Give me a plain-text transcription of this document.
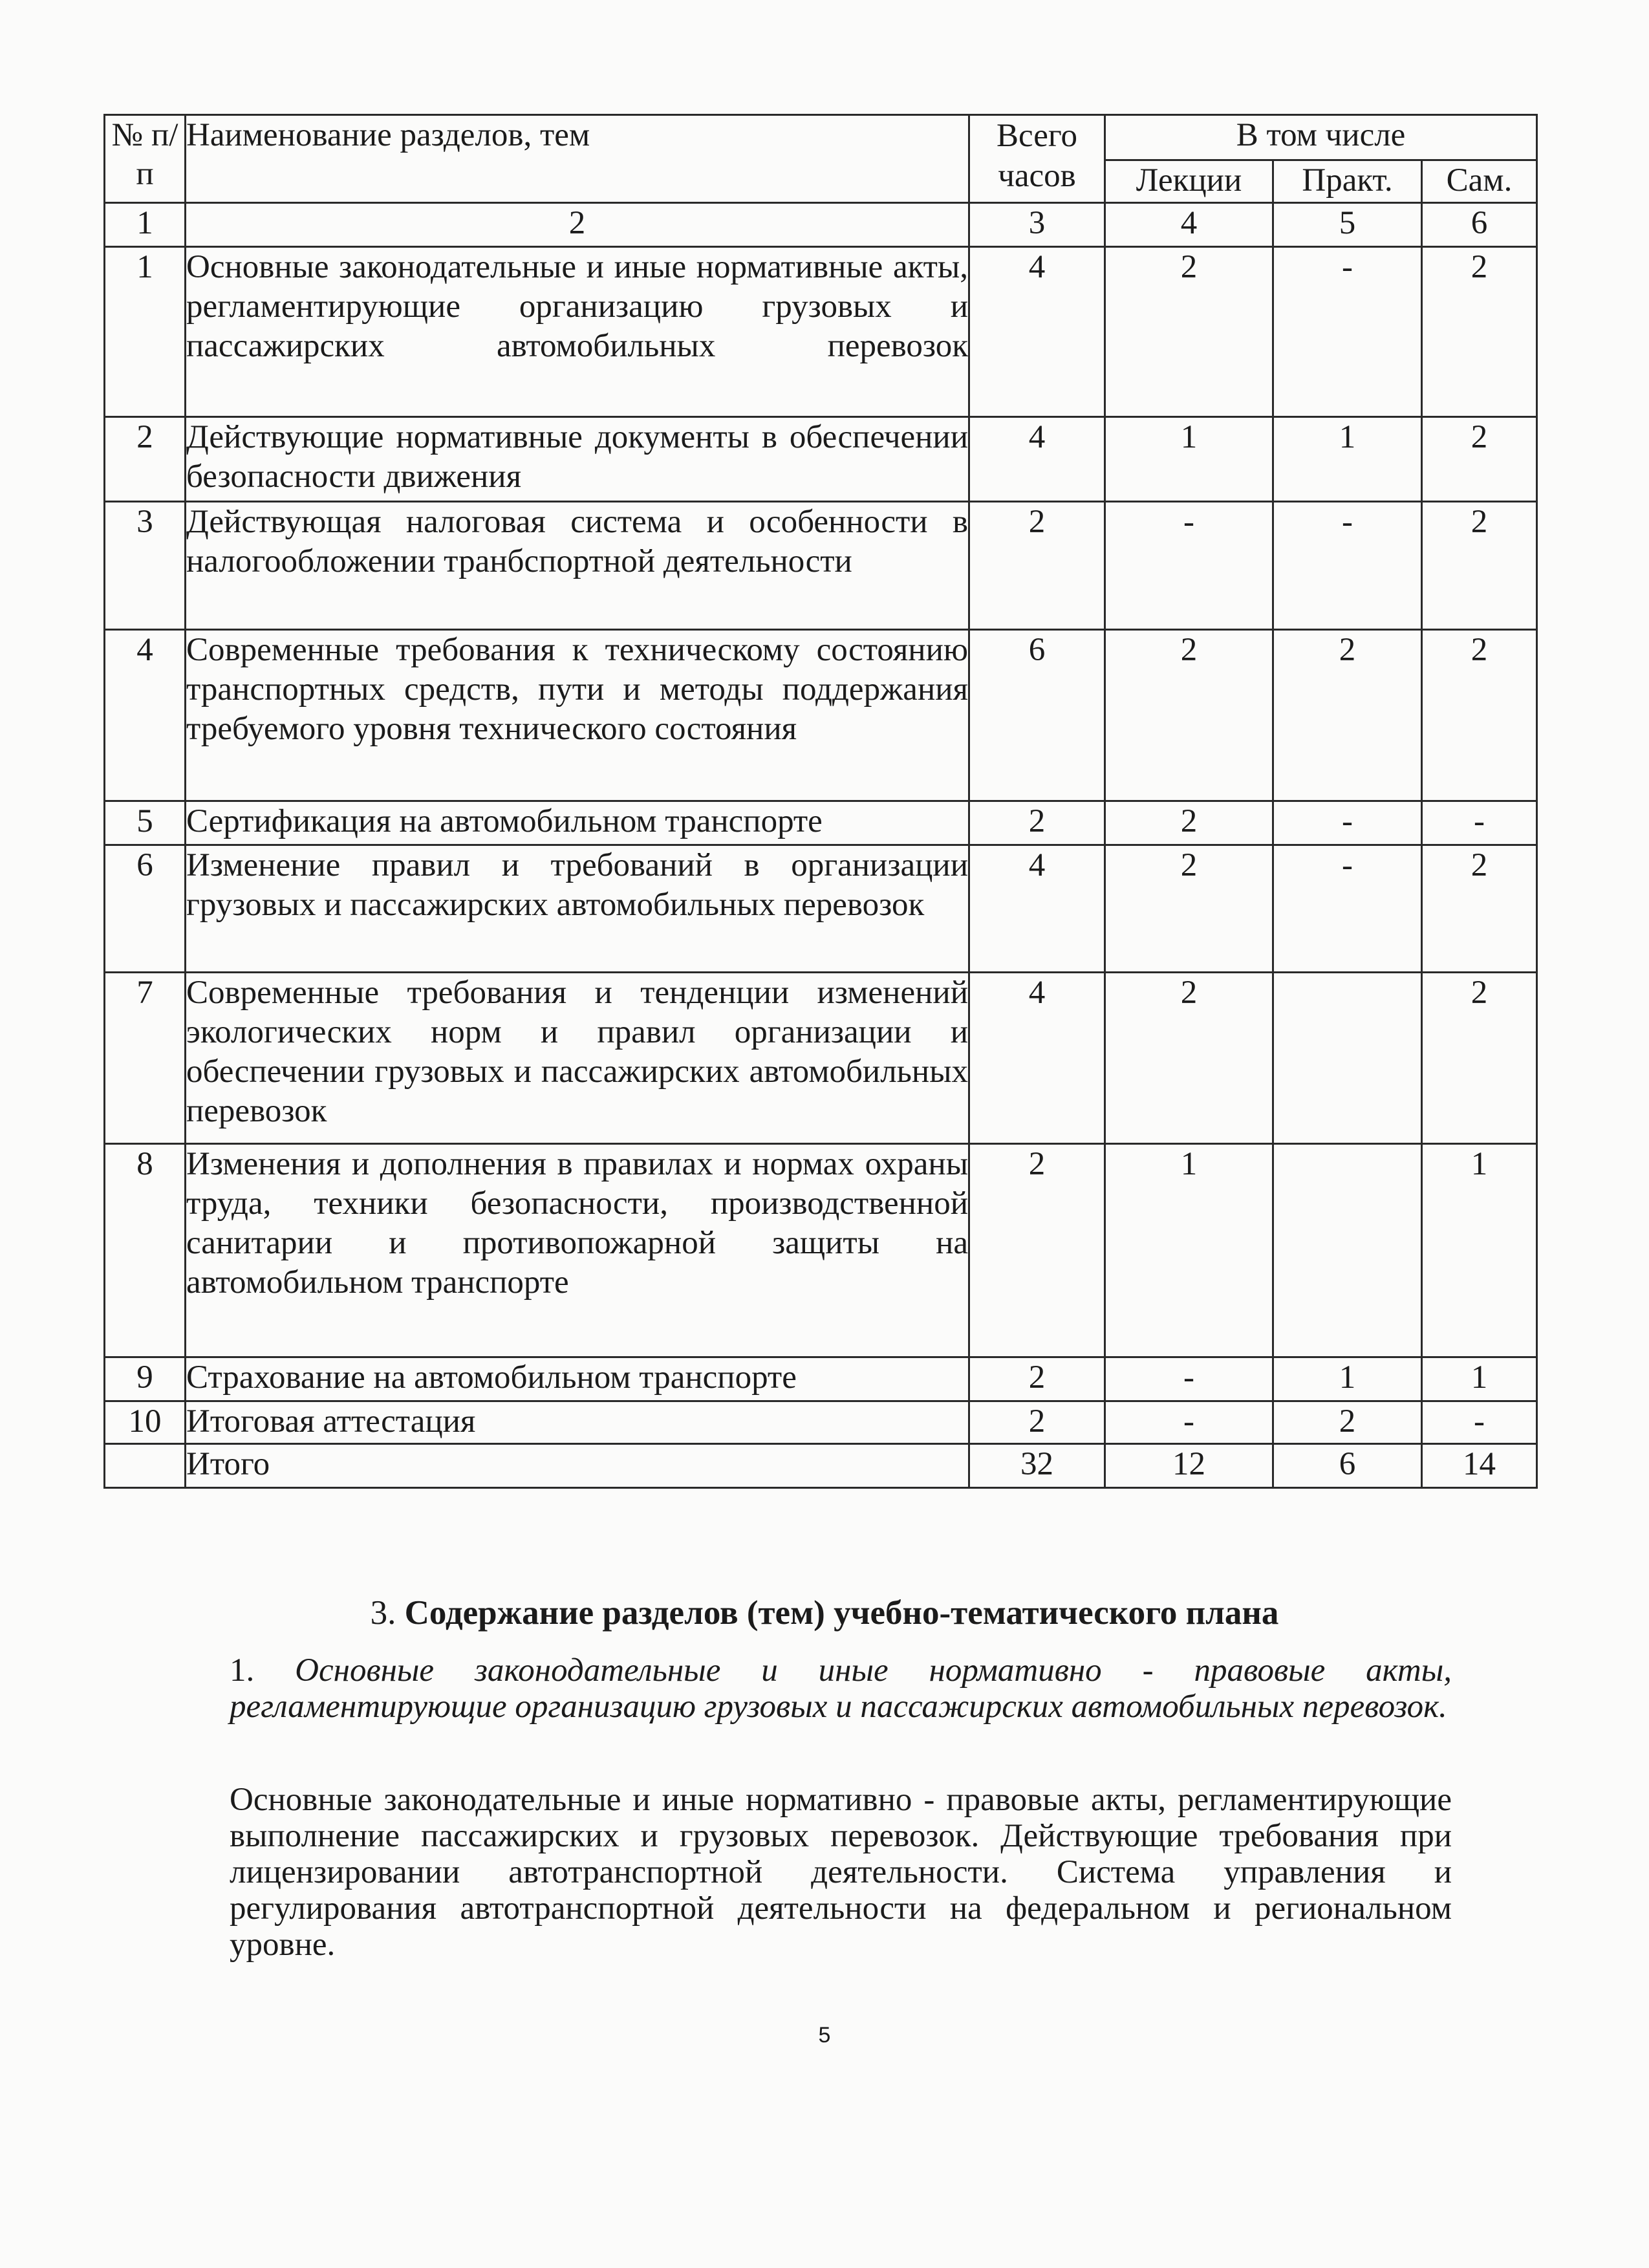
№ п/п	Наименование разделов, тем	Всего часов	В том числе		
			Лекции	Практ.	Сам.
1	2	3	4	5	6
1	Основные законодательные и иные нормативные акты, регламентирующие организацию грузовых и пассажирских автомобильных перевозок	4	2	-	2
2	Действующие нормативные документы в обеспечении безопасности движения	4	1	1	2
3	Действующая налоговая система и особенности в налогообложении транбспортной деятельности	2	-	-	2
4	Современные требования к техническому состоянию транспортных средств, пути и методы поддержания требуемого уровня технического состояния	6	2	2	2
5	Сертификация на автомобильном транспорте	2	2	-	-
6	Изменение правил и требований в организации грузовых и пассажирских автомобильных перевозок	4	2	-	2
7	Современные требования и тенденции изменений экологических норм и правил организации и обеспечении грузовых и пассажирских автомобильных перевозок	4	2		2
8	Изменения и дополнения в правилах и нормах охраны труда, техники безопасности, производственной санитарии и противопожарной защиты на автомобильном транспорте	2	1		1
9	Страхование на автомобильном транспорте	2	-	1	1
10	Итоговая аттестация	2	-	2	-
	Итого	32	12	6	14
3. Содержание разделов (тем) учебно-тематического плана
1. Основные законодательные и иные нормативно - правовые акты, регламентирующие организацию грузовых и пассажирских автомобильных перевозок.
Основные законодательные и иные нормативно - правовые акты, регламентирующие выполнение пассажирских и грузовых перевозок. Действующие требования при лицензировании автотранспортной деятельности. Система управления и регулирования автотранспортной деятельности на федеральном и региональном уровне.
5
